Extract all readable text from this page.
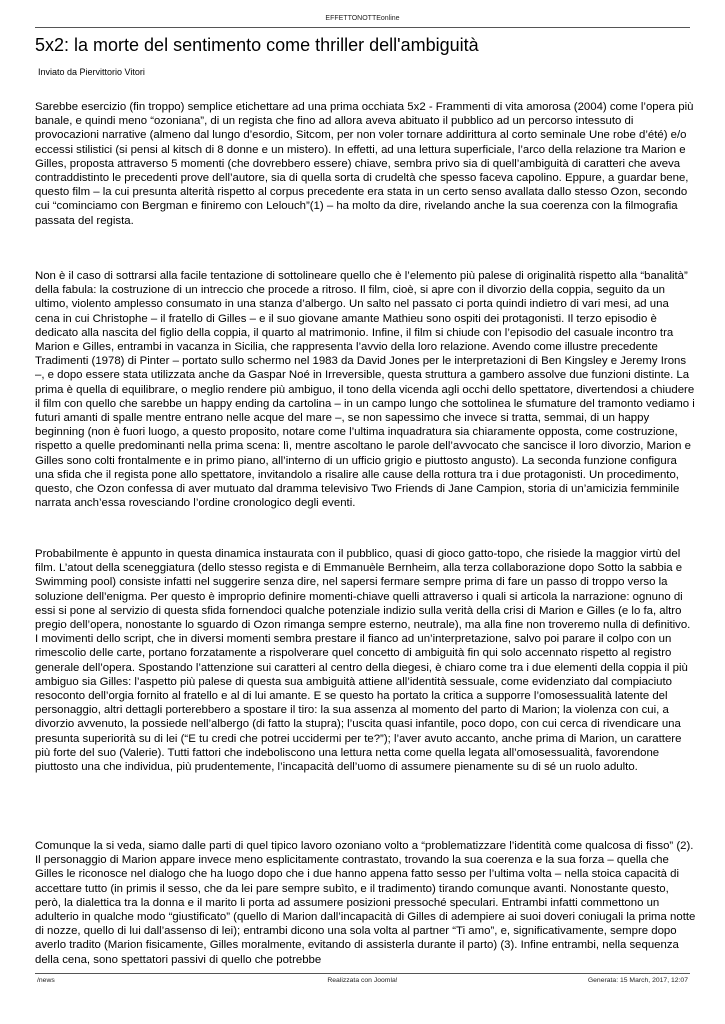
EFFETTONOTTEonline
5x2: la morte del sentimento come thriller dell'ambiguità
Inviato da Piervittorio Vitori

Sarebbe esercizio (fin troppo) semplice etichettare ad una prima occhiata 5x2 - Frammenti di vita amorosa (2004) come l’opera più banale, e quindi meno “ozoniana”, di un regista che fino ad allora aveva abituato il pubblico ad un percorso intessuto di provocazioni narrative (almeno dal lungo d’esordio, Sitcom, per non voler tornare addirittura al corto seminale Une robe d’été) e/o eccessi stilistici (si pensi al kitsch di 8 donne e un mistero). In effetti, ad una lettura superficiale, l’arco della relazione tra Marion e Gilles, proposta attraverso 5 momenti (che dovrebbero essere) chiave, sembra privo sia di quell’ambiguità di caratteri che aveva contraddistinto le precedenti prove dell’autore, sia di quella sorta di crudeltà che spesso faceva capolino. Eppure, a guardar bene, questo film – la cui presunta alterità rispetto al corpus precedente era stata in un certo senso avallata dallo stesso Ozon, secondo cui “cominciamo con Bergman e finiremo con Lelouch”(1) – ha molto da dire, rivelando anche la sua coerenza con la filmografia passata del regista.

Non è il caso di sottrarsi alla facile tentazione di sottolineare quello che è l’elemento più palese di originalità rispetto alla “banalità” della fabula: la costruzione di un intreccio che procede a ritroso. Il film, cioè, si apre con il divorzio della coppia, seguito da un ultimo, violento amplesso consumato in una stanza d’albergo. Un salto nel passato ci porta quindi indietro di vari mesi, ad una cena in cui Christophe – il fratello di Gilles – e il suo giovane amante Mathieu sono ospiti dei protagonisti. Il terzo episodio è dedicato alla nascita del figlio della coppia, il quarto al matrimonio. Infine, il film si chiude con l’episodio del casuale incontro tra Marion e Gilles, entrambi in vacanza in Sicilia, che rappresenta l’avvio della loro relazione. Avendo come illustre precedente Tradimenti (1978) di Pinter – portato sullo schermo nel 1983 da David Jones per le interpretazioni di Ben Kingsley e Jeremy Irons –, e dopo essere stata utilizzata anche da Gaspar Noé in Irreversible, questa struttura a gambero assolve due funzioni distinte. La prima è quella di equilibrare, o meglio rendere più ambiguo, il tono della vicenda agli occhi dello spettatore, divertendosi a chiudere il film con quello che sarebbe un happy ending da cartolina – in un campo lungo che sottolinea le sfumature del tramonto vediamo i futuri amanti di spalle mentre entrano nelle acque del mare –, se non sapessimo che invece si tratta, semmai, di un happy beginning (non è fuori luogo, a questo proposito, notare come l’ultima inquadratura sia chiaramente opposta, come costruzione, rispetto a quelle predominanti nella prima scena: lì, mentre ascoltano le parole dell’avvocato che sancisce il loro divorzio, Marion e Gilles sono colti frontalmente e in primo piano, all’interno di un ufficio grigio e piuttosto angusto). La seconda funzione configura una sfida che il regista pone allo spettatore, invitandolo a risalire alle cause della rottura tra i due protagonisti. Un procedimento, questo, che Ozon confessa di aver mutuato dal dramma televisivo Two Friends di Jane Campion, storia di un’amicizia femminile narrata anch’essa rovesciando l’ordine cronologico degli eventi.

Probabilmente è appunto in questa dinamica instaurata con il pubblico, quasi di gioco gatto-topo, che risiede la maggior virtù del film. L’atout della sceneggiatura (dello stesso regista e di Emmanuèle Bernheim, alla terza collaborazione dopo Sotto la sabbia e Swimming pool) consiste infatti nel suggerire senza dire, nel sapersi fermare sempre prima di fare un passo di troppo verso la soluzione dell’enigma. Per questo è improprio definire momenti-chiave quelli attraverso i quali si articola la narrazione: ognuno di essi si pone al servizio di questa sfida fornendoci qualche potenziale indizio sulla verità della crisi di Marion e Gilles (e lo fa, altro pregio dell’opera, nonostante lo sguardo di Ozon rimanga sempre esterno, neutrale), ma alla fine non troveremo nulla di definitivo. I movimenti dello script, che in diversi momenti sembra prestare il fianco ad un’interpretazione, salvo poi parare il colpo con un rimescolio delle carte, portano forzatamente a rispolverare quel concetto di ambiguità fin qui solo accennato rispetto al registro generale dell’opera. Spostando l’attenzione sui caratteri al centro della diegesi, è chiaro come tra i due elementi della coppia il più ambiguo sia Gilles: l’aspetto più palese di questa sua ambiguità attiene all’identità sessuale, come evidenziato dal compiaciuto resoconto dell’orgia fornito al fratello e al di lui amante. E se questo ha portato la critica a supporre l’omosessualità latente del personaggio, altri dettagli porterebbero a spostare il tiro: la sua assenza al momento del parto di Marion; la violenza con cui, a divorzio avvenuto, la possiede nell’albergo (di fatto la stupra); l’uscita quasi infantile, poco dopo, con cui cerca di rivendicare una presunta superiorità su di lei (“E tu credi che potrei uccidermi per te?”); l’aver avuto accanto, anche prima di Marion, un carattere più forte del suo (Valerie). Tutti fattori che indeboliscono una lettura netta come quella legata all’omosessualità, favorendone piuttosto una che individua, più prudentemente, l’incapacità dell’uomo di assumere pienamente su di sé un ruolo adulto.

Comunque la si veda, siamo dalle parti di quel tipico lavoro ozoniano volto a “problematizzare l’identità come qualcosa di fisso” (2). Il personaggio di Marion appare invece meno esplicitamente contrastato, trovando la sua coerenza e la sua forza – quella che Gilles le riconosce nel dialogo che ha luogo dopo che i due hanno appena fatto sesso per l’ultima volta – nella stoica capacità di accettare tutto (in primis il sesso, che da lei pare sempre subìto, e il tradimento) tirando comunque avanti. Nonostante questo, però, la dialettica tra la donna e il marito li porta ad assumere posizioni pressoché speculari. Entrambi infatti commettono un adulterio in qualche modo “giustificato” (quello di Marion dall’incapacità di Gilles di adempiere ai suoi doveri coniugali la prima notte di nozze, quello di lui dall’assenso di lei); entrambi dicono una sola volta al partner “Ti amo”, e, significativamente, sempre dopo averlo tradito (Marion fisicamente, Gilles moralmente, evitando di assisterla durante il parto) (3). Infine entrambi, nella sequenza della cena, sono spettatori passivi di quello che potrebbe

/news	Realizzata con Joomla!	Generata: 15 March, 2017, 12:07
